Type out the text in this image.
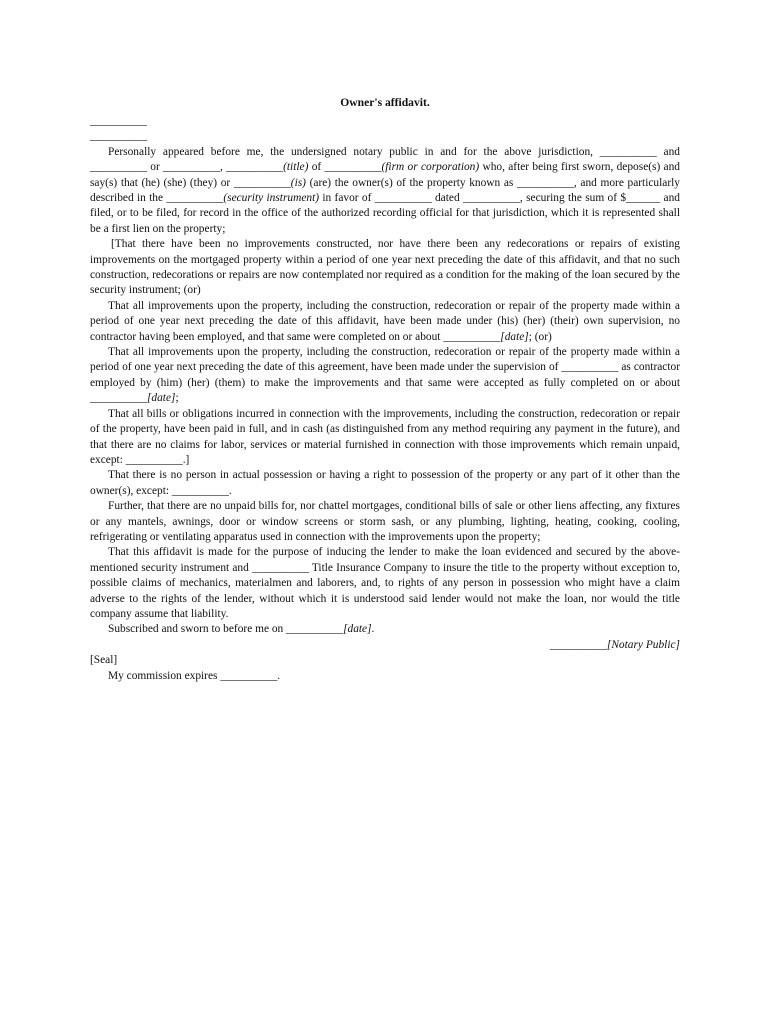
Owner's affidavit.
__________
__________

Personally appeared before me, the undersigned notary public in and for the above jurisdiction, __________ and __________ or __________, __________(title) of __________(firm or corporation) who, after being first sworn, depose(s) and say(s) that (he) (she) (they) or __________(is) (are) the owner(s) of the property known as __________, and more particularly described in the __________(security instrument) in favor of __________ dated __________, securing the sum of $______ and filed, or to be filed, for record in the office of the authorized recording official for that jurisdiction, which it is represented shall be a first lien on the property;

[That there have been no improvements constructed, nor have there been any redecorations or repairs of existing improvements on the mortgaged property within a period of one year next preceding the date of this affidavit, and that no such construction, redecorations or repairs are now contemplated nor required as a condition for the making of the loan secured by the security instrument; (or)

That all improvements upon the property, including the construction, redecoration or repair of the property made within a period of one year next preceding the date of this affidavit, have been made under (his) (her) (their) own supervision, no contractor having been employed, and that same were completed on or about __________[date]; (or)

That all improvements upon the property, including the construction, redecoration or repair of the property made within a period of one year next preceding the date of this agreement, have been made under the supervision of __________ as contractor employed by (him) (her) (them) to make the improvements and that same were accepted as fully completed on or about __________[date];

That all bills or obligations incurred in connection with the improvements, including the construction, redecoration or repair of the property, have been paid in full, and in cash (as distinguished from any method requiring any payment in the future), and that there are no claims for labor, services or material furnished in connection with those improvements which remain unpaid, except: __________.]

That there is no person in actual possession or having a right to possession of the property or any part of it other than the owner(s), except: __________.

Further, that there are no unpaid bills for, nor chattel mortgages, conditional bills of sale or other liens affecting, any fixtures or any mantels, awnings, door or window screens or storm sash, or any plumbing, lighting, heating, cooking, cooling, refrigerating or ventilating apparatus used in connection with the improvements upon the property;

That this affidavit is made for the purpose of inducing the lender to make the loan evidenced and secured by the above-mentioned security instrument and __________ Title Insurance Company to insure the title to the property without exception to, possible claims of mechanics, materialmen and laborers, and, to rights of any person in possession who might have a claim adverse to the rights of the lender, without which it is understood said lender would not make the loan, nor would the title company assume that liability.

Subscribed and sworn to before me on __________[date].

__________[Notary Public]

[Seal]

My commission expires __________.
